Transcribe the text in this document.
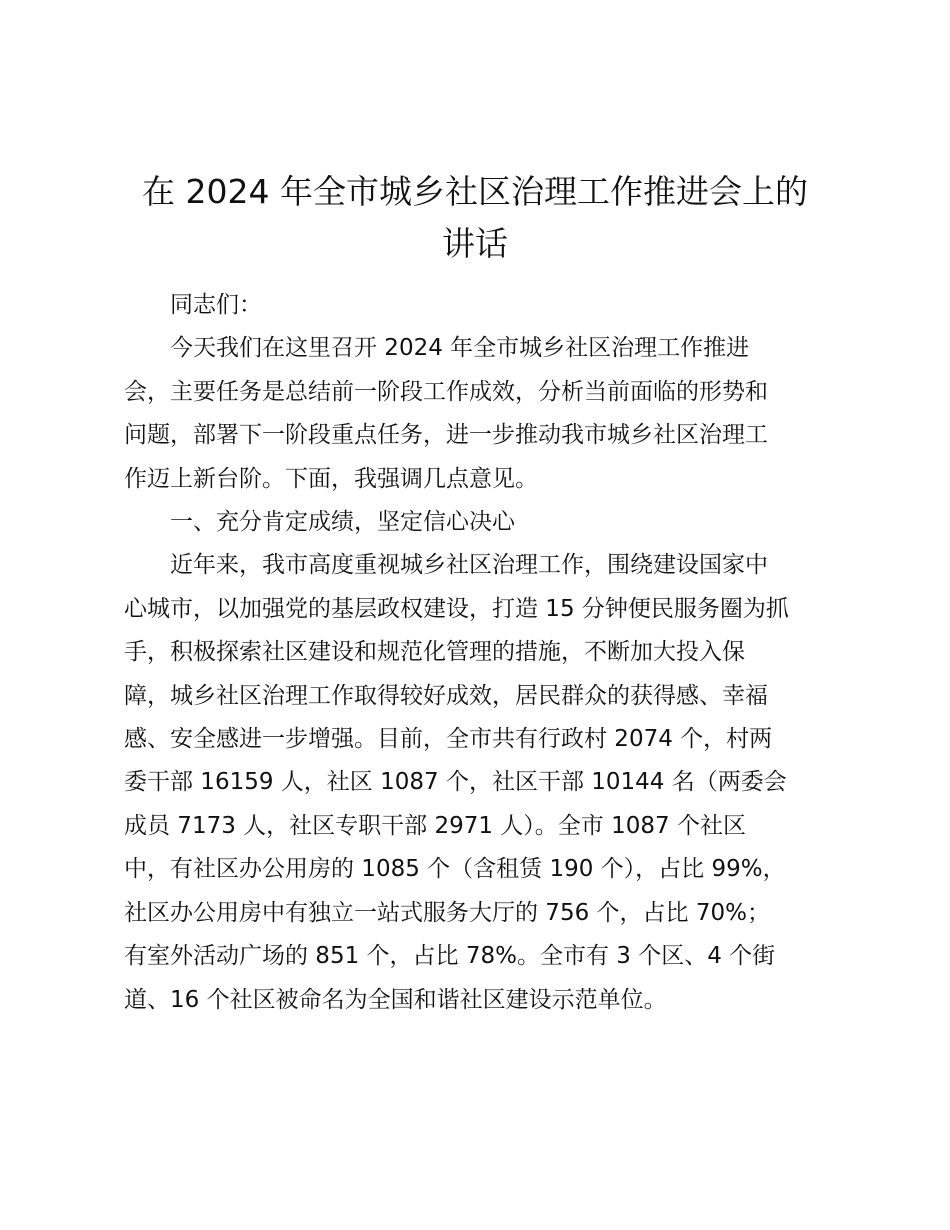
在 2024 年全市城乡社区治理工作推进会上的
讲话

同志们：

今天我们在这里召开 2024 年全市城乡社区治理工作推进

会，主要任务是总结前一阶段工作成效，分析当前面临的形势和

问题，部署下一阶段重点任务，进一步推动我市城乡社区治理工

作迈上新台阶。下面，我强调几点意见。

一、充分肯定成绩，坚定信心决心

近年来，我市高度重视城乡社区治理工作，围绕建设国家中

心城市，以加强党的基层政权建设，打造 15 分钟便民服务圈为抓

手，积极探索社区建设和规范化管理的措施，不断加大投入保

障，城乡社区治理工作取得较好成效，居民群众的获得感、幸福

感、安全感进一步增强。目前，全市共有行政村 2074 个，村两

委干部 16159 人，社区 1087 个，社区干部 10144 名（两委会

成员 7173 人，社区专职干部 2971 人）。全市 1087 个社区

中，有社区办公用房的 1085 个（含租赁 190 个），占比 99%，

社区办公用房中有独立一站式服务大厅的 756 个，占比 70%；

有室外活动广场的 851 个，占比 78%。全市有 3 个区、4 个街

道、16 个社区被命名为全国和谐社区建设示范单位。
